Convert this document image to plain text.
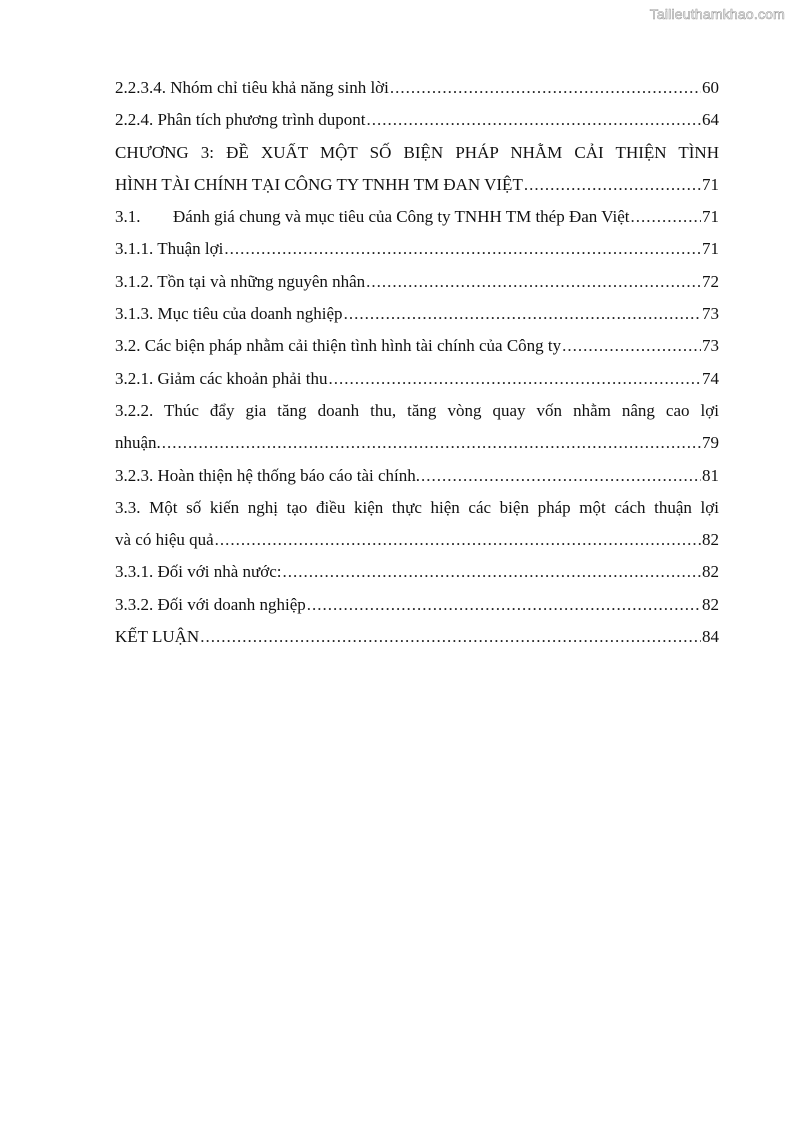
Tailieuthamkhao.com
2.2.3.4. Nhóm chỉ tiêu khả năng sinh lời .....	60
2.2.4. Phân tích phương trình dupont .....	64
CHƯƠNG 3: ĐỀ XUẤT MỘT SỐ BIỆN PHÁP NHẰM CẢI THIỆN TÌNH
HÌNH TÀI CHÍNH TẠI CÔNG TY TNHH TM ĐAN VIỆT .....	71
3.1. Đánh giá chung và mục tiêu của Công ty TNHH TM thép Đan Việt .....	71
3.1.1. Thuận lợi .....	71
3.1.2. Tồn tại và những nguyên nhân .....	72
3.1.3. Mục tiêu của doanh nghiệp .....	73
3.2. Các biện pháp nhằm cải thiện tình hình tài chính của Công ty .....	73
3.2.1. Giảm các khoản phải thu .....	74
3.2.2. Thúc đẩy gia tăng doanh thu, tăng vòng quay vốn nhằm nâng cao lợi
nhuận. .....	79
3.2.3. Hoàn thiện hệ thống báo cáo tài chính. .....	81
3.3. Một số kiến nghị tạo điều kiện thực hiện các biện pháp một cách thuận lợi
và có hiệu quả .....	82
3.3.1. Đối với nhà nước: .....	82
3.3.2. Đối với doanh nghiệp .....	82
KẾT LUẬN .....	84
